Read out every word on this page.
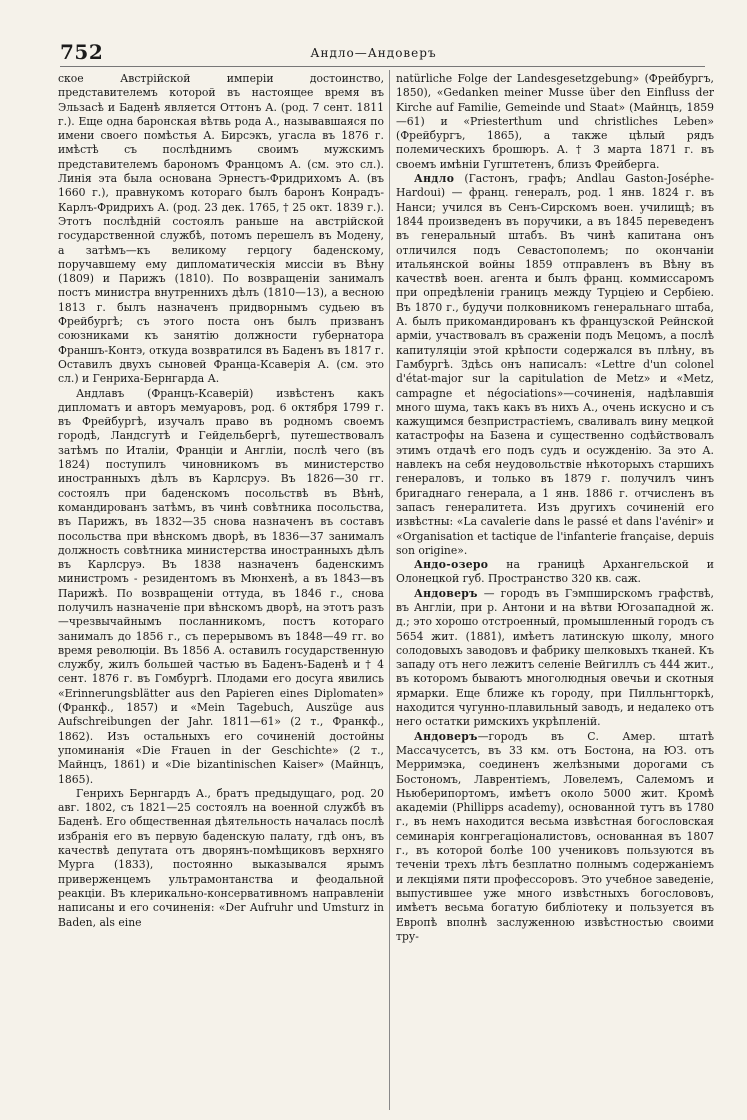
752	Андло—Андоверъ

ское Австрійской имперіи достоинство, представителемъ которой въ настоящее время въ Эльзасѣ и Баденѣ является Оттонъ А. (род. 7 сент. 1811 г.). Еще одна баронская вѣтвь рода А., называвшаяся по имени своего помѣстья А. Бирсэкъ, угасла въ 1876 г. имѣстѣ съ послѣднимъ своимъ мужскимъ представителемъ барономъ Францомъ А. (см. это сл.). Линія эта была основана Эрнестъ-Фридрихомъ А. (въ 1660 г.), правнукомъ котораго былъ баронъ Конрадъ-Карлъ-Фридрихъ А. (род. 23 дек. 1765, † 25 окт. 1839 г.). Этотъ послѣдній состоялъ раньше на австрійской государственной службѣ, потомъ перешелъ въ Модену, а затѣмъ—къ великому герцогу баденскому, поручавшему ему дипломатическія миссіи въ Вѣну (1809) и Парижъ (1810). По возвращеніи занималъ постъ министра внутреннихъ дѣлъ (1810—13), а весною 1813 г. былъ назначенъ придворнымъ судьею въ Фрейбургѣ; съ этого поста онъ былъ призванъ союзниками къ занятію должности губернатора Франшъ-Контэ, откуда возвратился въ Баденъ въ 1817 г. Оставилъ двухъ сыновей Франца-Ксаверія А. (см. это сл.) и Генриха-Бернгарда А.

Андлавъ (Францъ-Ксаверій) извѣстенъ какъ дипломатъ и авторъ мемуаровъ, род. 6 октября 1799 г. въ Фрейбургѣ, изучалъ право въ родномъ своемъ городѣ, Ландсгутѣ и Гейдельбергѣ, путешествовалъ затѣмъ по Италіи, Франціи и Англіи, послѣ чего (въ 1824) поступилъ чиновникомъ въ министерство иностранныхъ дѣлъ въ Карлсруэ. Въ 1826—30 гг. состоялъ при баденскомъ посольствѣ въ Вѣнѣ, командированъ затѣмъ, въ чинѣ совѣтника посольства, въ Парижъ, въ 1832—35 снова назначенъ въ составъ посольства при вѣнскомъ дворѣ, въ 1836—37 занималъ должность совѣтника министерства иностранныхъ дѣлъ въ Карлсруэ. Въ 1838 назначенъ баденскимъ министромъ - резидентомъ въ Мюнхенѣ, а въ 1843—въ Парижѣ. По возвращеніи оттуда, въ 1846 г., снова получилъ назначеніе при вѣнскомъ дворѣ, на этотъ разъ—чрезвычайнымъ посланникомъ, постъ котораго занималъ до 1856 г., съ перерывомъ въ 1848—49 гг. во время революціи. Въ 1856 А. оставилъ государственную службу, жилъ большей частью въ Баденъ-Баденѣ и † 4 сент. 1876 г. въ Гомбургѣ. Плодами его досуга явились «Erinnerungsblätter aus den Papieren eines Diplomaten» (Франкф., 1857) и «Mein Tagebuch, Auszüge aus Aufschreibungen der Jahr. 1811—61» (2 т., Франкф., 1862). Изъ остальныхъ его сочиненій достойны упоминанія «Die Frauen in der Geschichte» (2 т., Майнцъ, 1861) и «Die bizantinischen Kaiser» (Майнцъ, 1865).

Генрихъ Бернгардъ А., братъ предыдущаго, род. 20 авг. 1802, съ 1821—25 состоялъ на военной службѣ въ Баденѣ. Его общественная дѣятельность началась послѣ избранія его въ первую баденскую палату, гдѣ онъ, въ качествѣ депутата отъ дворянъ-помѣщиковъ верхняго Мурга (1833), постоянно выказывался ярымъ приверженцемъ ультрамонтанства и феодальной реакціи. Въ клерикально-консервативномъ направленіи написаны и его сочиненія: «Der Aufruhr und Umsturz in Baden, als eine

natürliche Folge der Landesgesetzgebung» (Фрейбургъ, 1850), «Gedanken meiner Musse über den Einfluss der Kirche auf Familie, Gemeinde und Staat» (Майнцъ, 1859—61) и «Priesterthum und christliches Leben» (Фрейбургъ, 1865), а также цѣлый рядъ полемическихъ брошюръ. А. † 3 марта 1871 г. въ своемъ имѣніи Гугштетенъ, близъ Фрейберга.

Андло (Гастонъ, графъ; Andlau Gaston-Joséphe-Hardoui) — франц. генералъ, род. 1 янв. 1824 г. въ Нанси; учился въ Сенъ-Сирскомъ воен. училищѣ; въ 1844 произведенъ въ поручики, а въ 1845 переведенъ въ генеральный штабъ. Въ чинѣ капитана онъ отличился подъ Севастополемъ; по окончаніи итальянской войны 1859 отправленъ въ Вѣну въ качествѣ воен. агента и былъ франц. коммиссаромъ при опредѣленіи границъ между Турціею и Сербіею. Въ 1870 г., будучи полковникомъ генеральнаго штаба, А. былъ прикомандированъ къ французской Рейнской арміи, участвовалъ въ сраженіи подъ Мецомъ, а послѣ капитуляціи этой крѣпости содержался въ плѣну, въ Гамбургѣ. Здѣсь онъ написалъ: «Lettre d'un colonel d'état-major sur la capitulation de Metz» и «Metz, campagne et négociations»—сочиненія, надѣлавшія много шума, такъ какъ въ нихъ А., очень искусно и съ кажущимся безпристрастіемъ, сваливалъ вину мецкой катастрофы на Базена и существенно содѣйствовалъ этимъ отдачѣ его подъ судъ и осужденію. За это А. навлекъ на себя неудовольствіе нѣкоторыхъ старшихъ генераловъ, и только въ 1879 г. получилъ чинъ бригаднаго генерала, а 1 янв. 1886 г. отчисленъ въ запасъ генералитета. Изъ другихъ сочиненій его извѣстны: «La cavalerie dans le passé et dans l'avénir» и «Organisation et tactique de l'infanterie française, depuis son origine».

Андо-озеро на границѣ Архангельской и Олонецкой губ. Пространство 320 кв. саж.

Андоверъ — городъ въ Гэмпширскомъ графствѣ, въ Англіи, при р. Антони и на вѣтви Югозападной ж. д.; это хорошо отстроенный, промышленный городъ съ 5654 жит. (1881), имѣетъ латинскую школу, много солодовыхъ заводовъ и фабрику шелковыхъ тканей. Къ западу отъ него лежитъ селеніе Вейгиллъ съ 444 жит., въ которомъ бываютъ многолюдныя овечьи и скотныя ярмарки. Еще ближе къ городу, при Пилльнгторкѣ, находится чугунно-плавильный заводъ, и недалеко отъ него остатки римскихъ укрѣпленій.

Андоверъ—городъ въ С. Амер. штатѣ Массачусетсъ, въ 33 км. отъ Бостона, на ЮЗ. отъ Мерримэка, соединенъ желѣзными дорогами съ Бостономъ, Лаврентіемъ, Ловелемъ, Салемомъ и Ньюберипортомъ, имѣетъ около 5000 жит. Кромѣ академіи (Phillipps academy), основанной тутъ въ 1780 г., въ немъ находится весьма извѣстная богословская семинарія конгрегаціоналистовъ, основанная въ 1807 г., въ которой болѣе 100 учениковъ пользуются въ теченіи трехъ лѣтъ безплатно полнымъ содержаніемъ и лекціями пяти профессоровъ. Это учебное заведеніе, выпустившее уже много извѣстныхъ богослововъ, имѣетъ весьма богатую библіотеку и пользуется въ Европѣ вполнѣ заслуженною извѣстностью своими тру-
